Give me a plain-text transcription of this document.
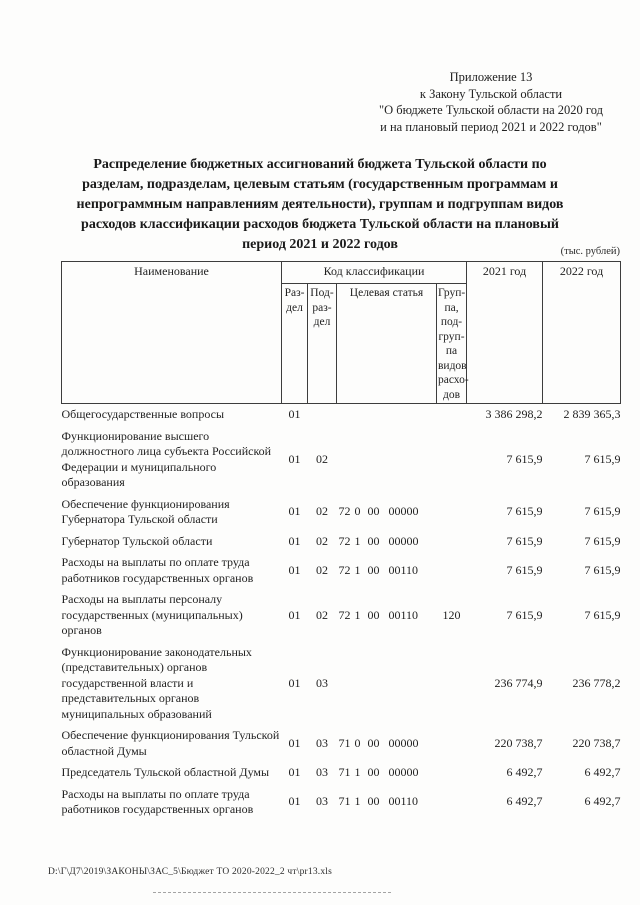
Приложение 13
к Закону Тульской области
"О бюджете Тульской области на 2020 год
и на плановый период 2021 и 2022 годов"
Распределение бюджетных ассигнований бюджета Тульской области по
разделам, подразделам, целевым статьям (государственным программам и
непрограммным направлениям деятельности), группам и подгруппам видов
расходов классификации расходов бюджета Тульской области на плановый
период 2021 и 2022 годов	(тыс. рублей)
Наименование	Код классификации				2021 год	2022 год

Раз-
дел

Под-
раз-
дел
	Целевая статья	Груп-
па,
под-
груп-
па
видов
расхо-
дов

Общегосударственные вопросы	01				3 386 298,2	2 839 365,3
Функционирование высшего должностного лица субъекта Российской Федерации и муниципального образования	01	02			7 615,9	7 615,9
Обеспечение функционирования Губернатора Тульской области	01	02	72 0 00 00000		7 615,9	7 615,9
Губернатор Тульской области	01	02	72 1 00 00000		7 615,9	7 615,9
Расходы на выплаты по оплате труда работников государственных органов	01	02	72 1 00 00110		7 615,9	7 615,9
Расходы на выплаты персоналу государственных (муниципальных) органов	01	02	72 1 00 00110	120	7 615,9	7 615,9
Функционирование законодательных (представительных) органов государственной власти и представительных органов муниципальных образований	01	03			236 774,9	236 778,2
Обеспечение функционирования Тульской областной Думы	01	03	71 0 00 00000		220 738,7	220 738,7
Председатель Тульской областной Думы	01	03	71 1 00 00000		6 492,7	6 492,7
Расходы на выплаты по оплате труда работников государственных органов	01	03	71 1 00 00110		6 492,7	6 492,7
D:\Г\Д7\2019\ЗАКОНЫ\ЗАС_5\Бюджет ТО 2020-2022_2 чт\pr13.xls
